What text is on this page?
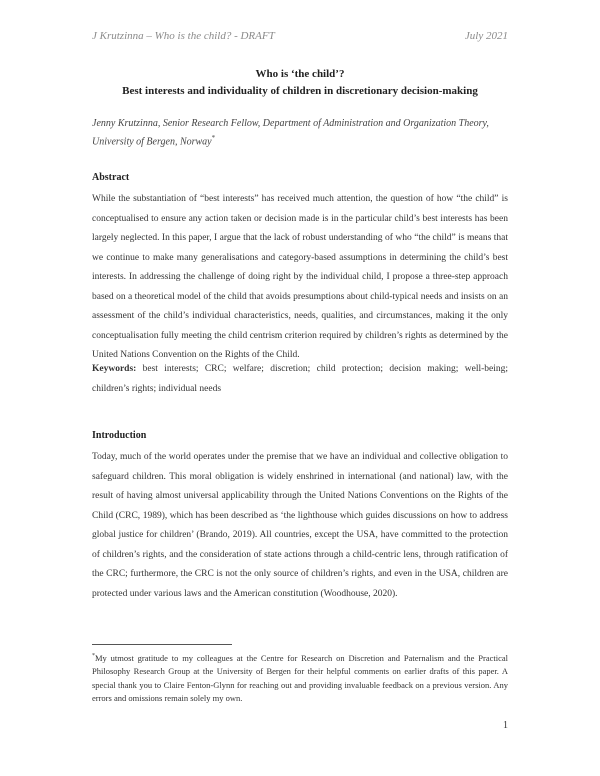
J Krutzinna – Who is the child? - DRAFT	July 2021
Who is ‘the child’?
Best interests and individuality of children in discretionary decision-making
Jenny Krutzinna, Senior Research Fellow, Department of Administration and Organization Theory, University of Bergen, Norway*
Abstract

While the substantiation of “best interests” has received much attention, the question of how “the child” is conceptualised to ensure any action taken or decision made is in the particular child’s best interests has been largely neglected. In this paper, I argue that the lack of robust understanding of who “the child” is means that we continue to make many generalisations and category-based assumptions in determining the child’s best interests. In addressing the challenge of doing right by the individual child, I propose a three-step approach based on a theoretical model of the child that avoids presumptions about child-typical needs and insists on an assessment of the child’s individual characteristics, needs, qualities, and circumstances, making it the only conceptualisation fully meeting the child centrism criterion required by children’s rights as determined by the United Nations Convention on the Rights of the Child.

Keywords: best interests; CRC; welfare; discretion; child protection; decision making; well-being; children’s rights; individual needs

Introduction

Today, much of the world operates under the premise that we have an individual and collective obligation to safeguard children. This moral obligation is widely enshrined in international (and national) law, with the result of having almost universal applicability through the United Nations Conventions on the Rights of the Child (CRC, 1989), which has been described as ‘the lighthouse which guides discussions on how to address global justice for children’ (Brando, 2019). All countries, except the USA, have committed to the protection of children’s rights, and the consideration of state actions through a child-centric lens, through ratification of the CRC; furthermore, the CRC is not the only source of children’s rights, and even in the USA, children are protected under various laws and the American constitution (Woodhouse, 2020).

*My utmost gratitude to my colleagues at the Centre for Research on Discretion and Paternalism and the Practical Philosophy Research Group at the University of Bergen for their helpful comments on earlier drafts of this paper. A special thank you to Claire Fenton-Glynn for reaching out and providing invaluable feedback on a previous version. Any errors and omissions remain solely my own.

1
